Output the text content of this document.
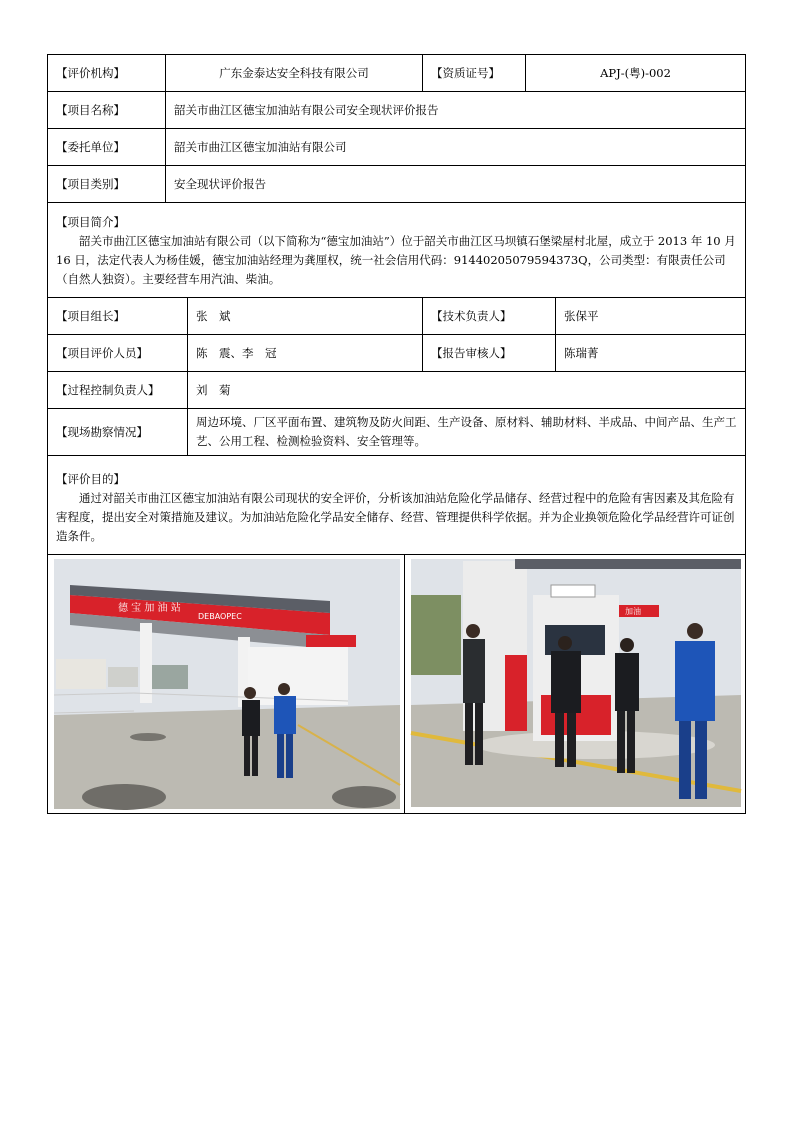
【评价机构】	广东金泰达安全科技有限公司		【资质证号】	APJ-(粤)-002	
【项目名称】	韶关市曲江区德宝加油站有限公司安全现状评价报告				
【委托单位】	韶关市曲江区德宝加油站有限公司				
【项目类别】	安全现状评价报告				

【项目简介】
韶关市曲江区德宝加油站有限公司（以下简称为“德宝加油站”）位于韶关市曲江区马坝镇石堡梁屋村北屋，成立于 2013 年 10 月 16 日，法定代表人为杨佳媛，德宝加油站经理为龚厘权，统一社会信用代码：91440205079594373Q，公司类型：有限责任公司（自然人独资）。主要经营车用汽油、柴油。					

【项目组长】		张　斌	【技术负责人】		张保平
【项目评价人员】		陈　震、李　冠	【报告审核人】		陈瑞菁
【过程控制负责人】		刘　菊			
【现场勘察情况】		周边环境、厂区平面布置、建筑物及防火间距、生产设备、原材料、辅助材料、半成品、中间产品、生产工艺、公用工程、检测检验资料、安全管理等。			

【评价目的】
通过对韶关市曲江区德宝加油站有限公司现状的安全评价，分析该加油站危险化学品储存、经营过程中的危险有害因素及其危险有害程度，提出安全对策措施及建议。为加油站危险化学品安全储存、经营、管理提供科学依据。并为企业换领危险化学品经营许可证创造条件。					

德 宝 加 油 站
DEBAOPEC
加油					
